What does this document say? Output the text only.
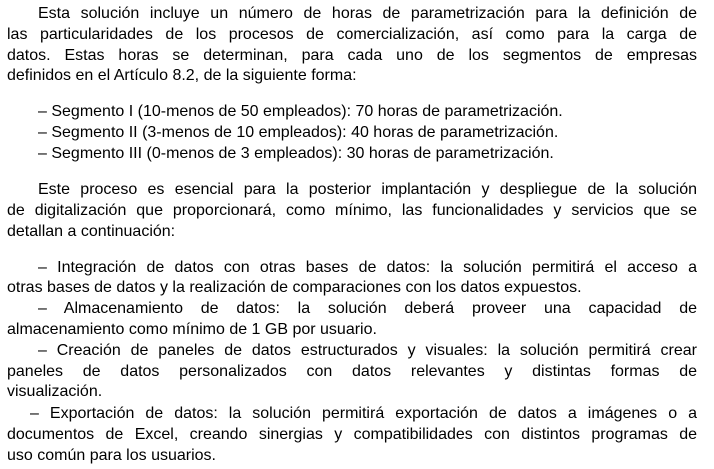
Esta solución incluye un número de horas de parametrización para la definición de
las particularidades de los procesos de comercialización, así como para la carga de
datos. Estas horas se determinan, para cada uno de los segmentos de empresas
definidos en el Artículo 8.2, de la siguiente forma:
– Segmento I (10-menos de 50 empleados): 70 horas de parametrización.
– Segmento II (3-menos de 10 empleados): 40 horas de parametrización.
– Segmento III (0-menos de 3 empleados): 30 horas de parametrización.
Este proceso es esencial para la posterior implantación y despliegue de la solución
de digitalización que proporcionará, como mínimo, las funcionalidades y servicios que se
detallan a continuación:
– Integración de datos con otras bases de datos: la solución permitirá el acceso a
otras bases de datos y la realización de comparaciones con los datos expuestos.
– Almacenamiento de datos: la solución deberá proveer una capacidad de
almacenamiento como mínimo de 1 GB por usuario.
– Creación de paneles de datos estructurados y visuales: la solución permitirá crear
paneles de datos personalizados con datos relevantes y distintas formas de
visualización.
– Exportación de datos: la solución permitirá exportación de datos a imágenes o a
documentos de Excel, creando sinergias y compatibilidades con distintos programas de
uso común para los usuarios.
